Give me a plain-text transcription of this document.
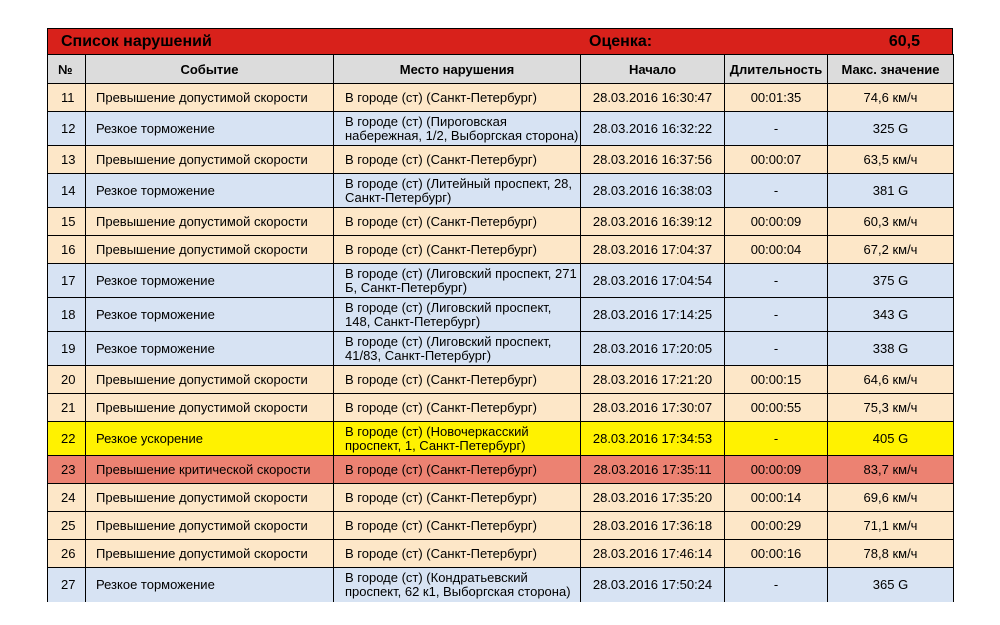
Список нарушений	Оценка:	60,5
№	Событие	Место нарушения	Начало	Длительность	Макс. значение
11	Превышение допустимой скорости	В городе (ст) (Санкт-Петербург)	28.03.2016 16:30:47	00:01:35	74,6 км/ч
12	Резкое торможение	В городе (ст) (Пироговская набережная, 1/2, Выборгская сторона)	28.03.2016 16:32:22	-	325 G
13	Превышение допустимой скорости	В городе (ст) (Санкт-Петербург)	28.03.2016 16:37:56	00:00:07	63,5 км/ч
14	Резкое торможение	В городе (ст) (Литейный проспект, 28, Санкт-Петербург)	28.03.2016 16:38:03	-	381 G
15	Превышение допустимой скорости	В городе (ст) (Санкт-Петербург)	28.03.2016 16:39:12	00:00:09	60,3 км/ч
16	Превышение допустимой скорости	В городе (ст) (Санкт-Петербург)	28.03.2016 17:04:37	00:00:04	67,2 км/ч
17	Резкое торможение	В городе (ст) (Лиговский проспект, 271 Б, Санкт-Петербург)	28.03.2016 17:04:54	-	375 G
18	Резкое торможение	В городе (ст) (Лиговский проспект, 148, Санкт-Петербург)	28.03.2016 17:14:25	-	343 G
19	Резкое торможение	В городе (ст) (Лиговский проспект, 41/83, Санкт-Петербург)	28.03.2016 17:20:05	-	338 G
20	Превышение допустимой скорости	В городе (ст) (Санкт-Петербург)	28.03.2016 17:21:20	00:00:15	64,6 км/ч
21	Превышение допустимой скорости	В городе (ст) (Санкт-Петербург)	28.03.2016 17:30:07	00:00:55	75,3 км/ч
22	Резкое ускорение	В городе (ст) (Новочеркасский проспект, 1, Санкт-Петербург)	28.03.2016 17:34:53	-	405 G
23	Превышение критической скорости	В городе (ст) (Санкт-Петербург)	28.03.2016 17:35:11	00:00:09	83,7 км/ч
24	Превышение допустимой скорости	В городе (ст) (Санкт-Петербург)	28.03.2016 17:35:20	00:00:14	69,6 км/ч
25	Превышение допустимой скорости	В городе (ст) (Санкт-Петербург)	28.03.2016 17:36:18	00:00:29	71,1 км/ч
26	Превышение допустимой скорости	В городе (ст) (Санкт-Петербург)	28.03.2016 17:46:14	00:00:16	78,8 км/ч
27	Резкое торможение	В городе (ст) (Кондратьевский проспект, 62 к1, Выборгская сторона)	28.03.2016 17:50:24	-	365 G
